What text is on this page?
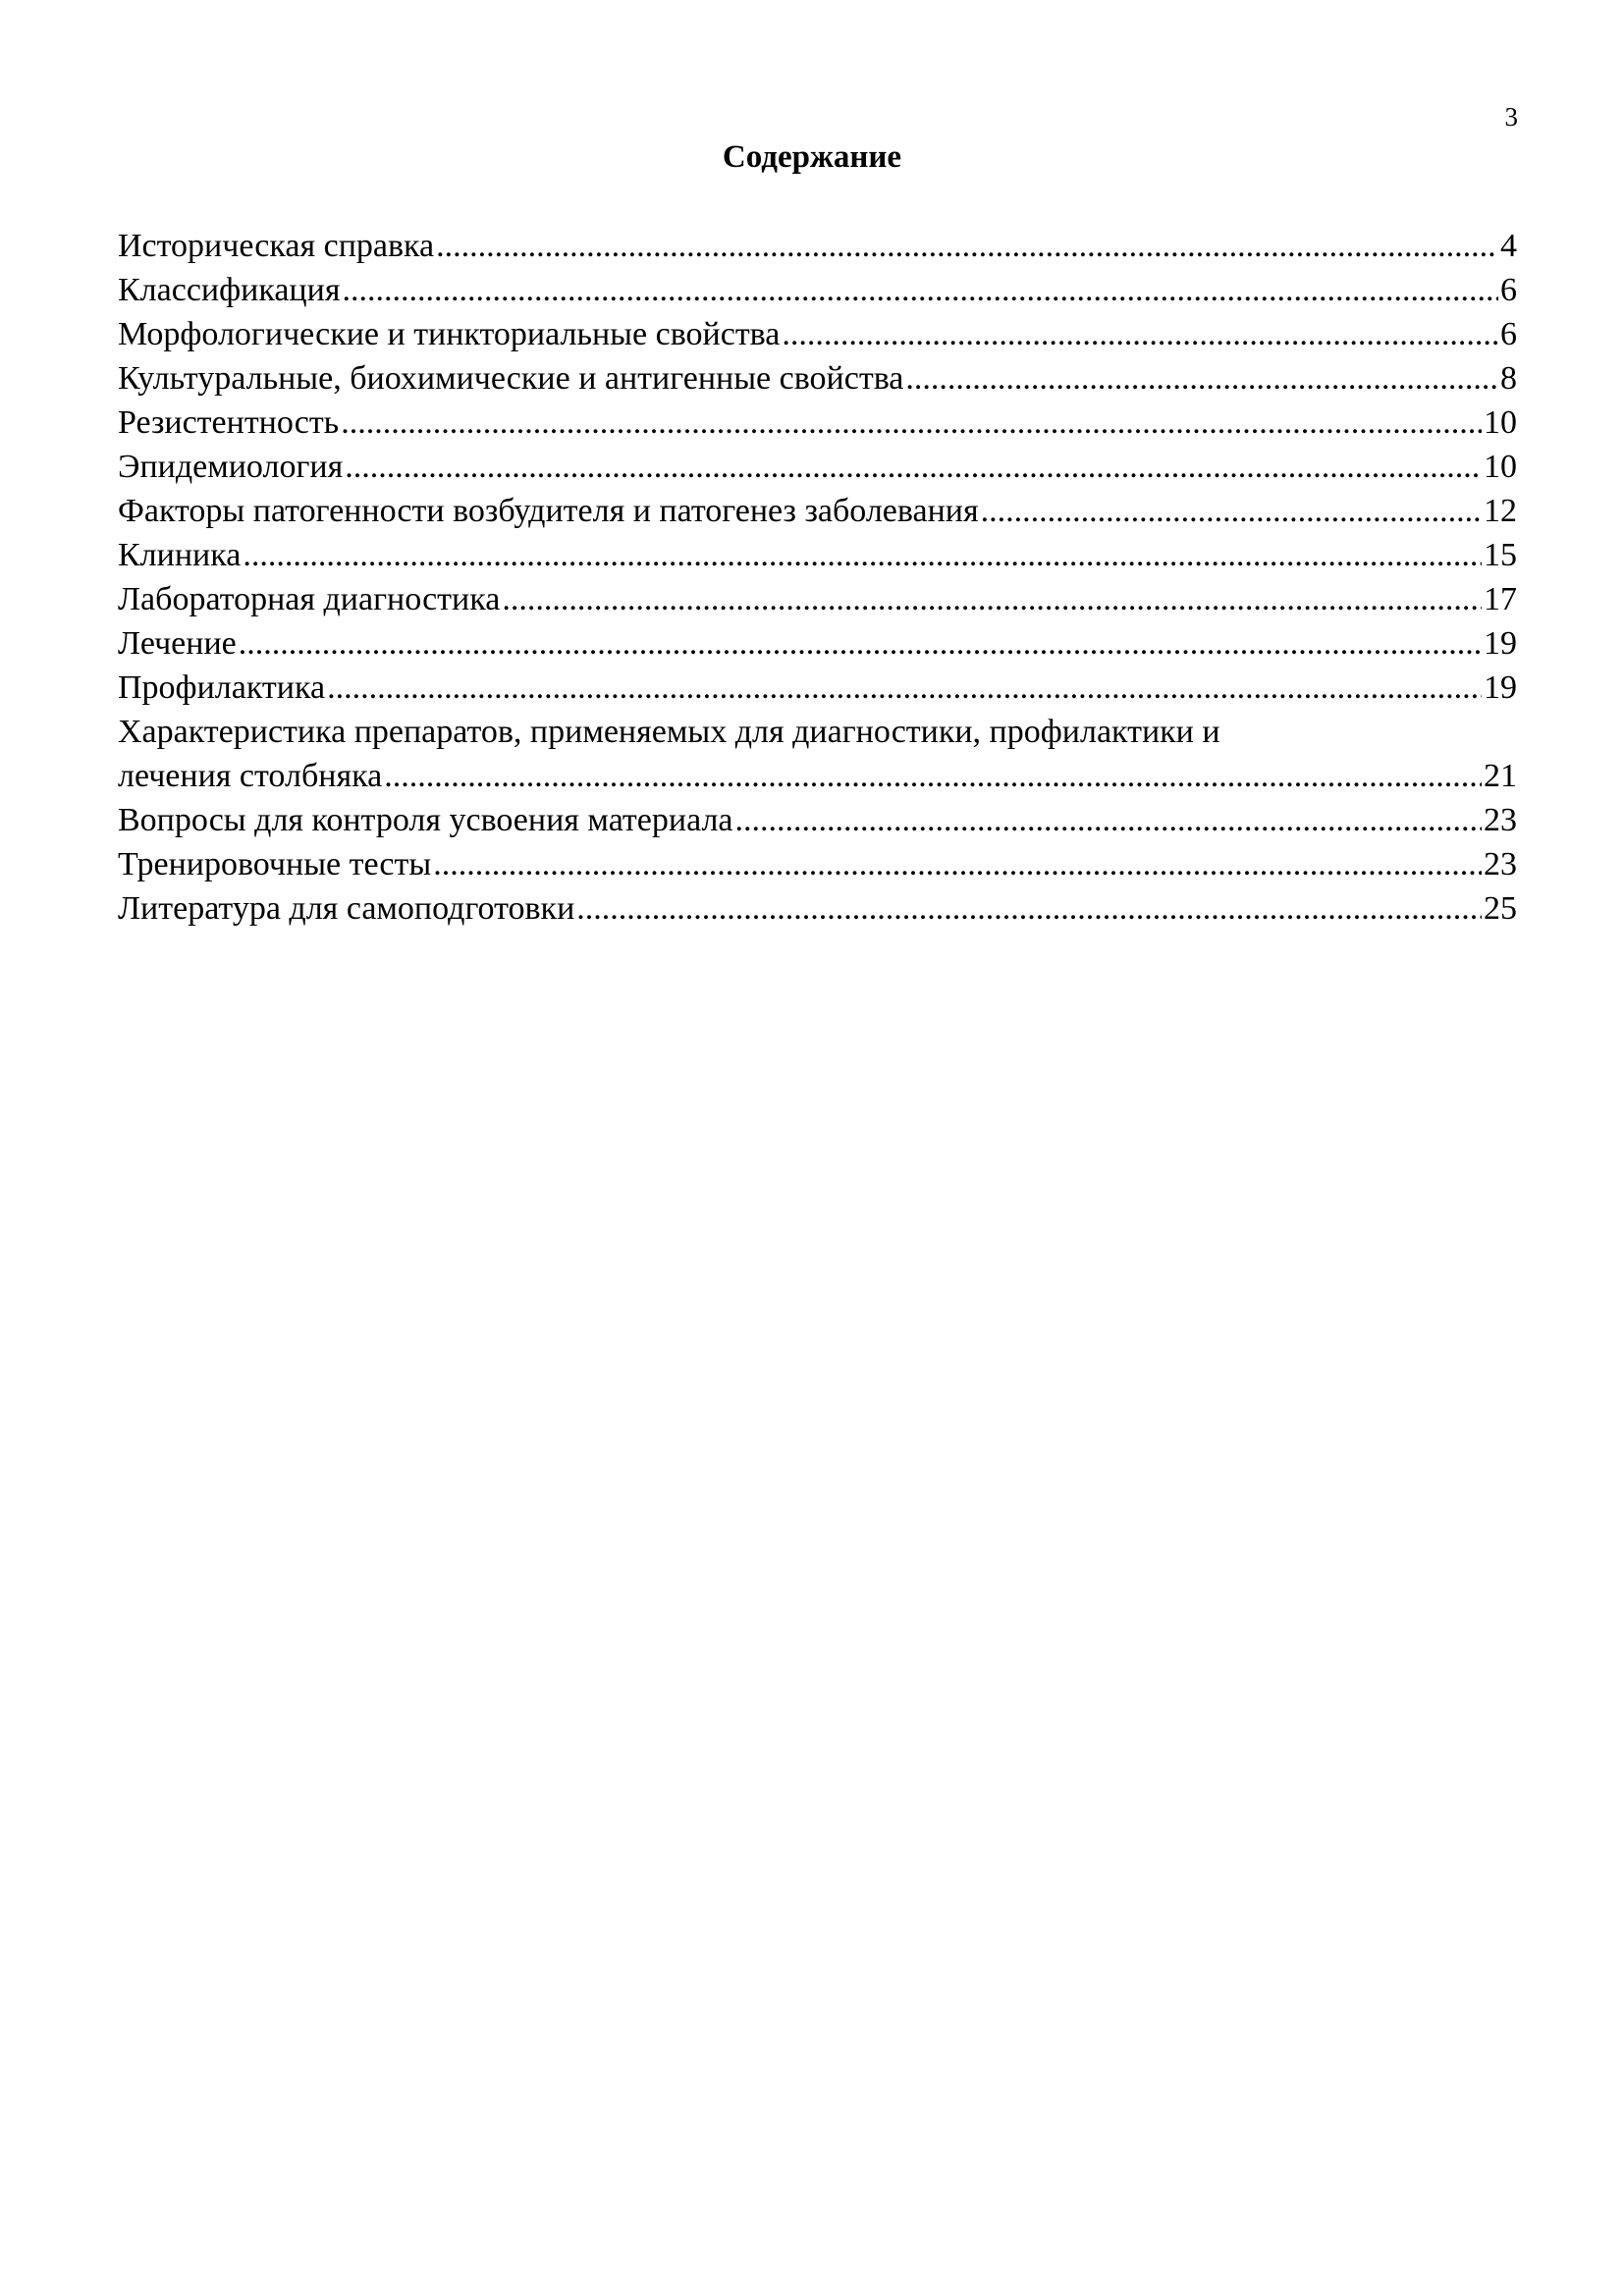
3
Содержание
Историческая справка .....	4
Классификация .....	6
Морфологические и тинкториальные свойства .....	6
Культуральные, биохимические и антигенные свойства .....	8
Резистентность .....	10
Эпидемиология .....	10
Факторы патогенности возбудителя и патогенез заболевания .....	12
Клиника .....	15
Лабораторная диагностика .....	17
Лечение .....	19
Профилактика .....	19
Характеристика препаратов, применяемых для диагностики, профилактики и
лечения столбняка .....	21
Вопросы для контроля усвоения материала .....	23
Тренировочные тесты .....	23
Литература для самоподготовки .....	25
